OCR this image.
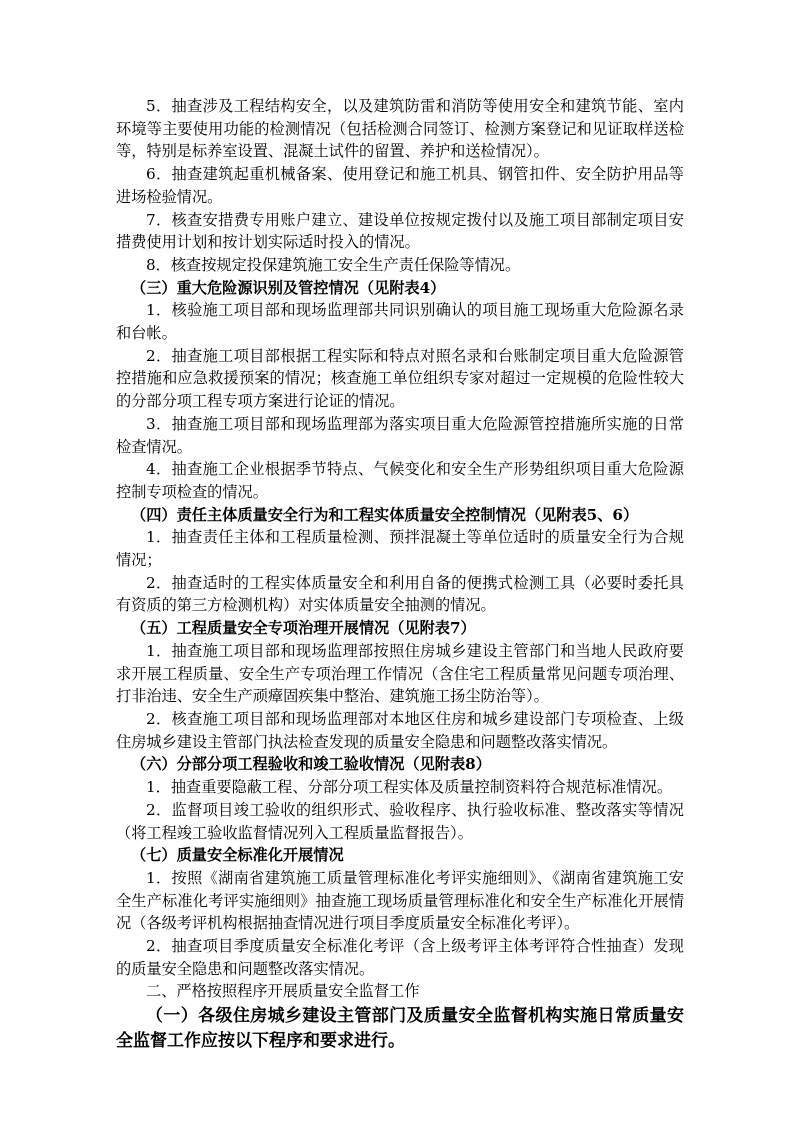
5．抽查涉及工程结构安全，以及建筑防雷和消防等使用安全和建筑节能、室内环境等主要使用功能的检测情况（包括检测合同签订、检测方案登记和见证取样送检等，特别是标养室设置、混凝土试件的留置、养护和送检情况）。

6．抽查建筑起重机械备案、使用登记和施工机具、钢管扣件、安全防护用品等进场检验情况。

7．核查安措费专用账户建立、建设单位按规定拨付以及施工项目部制定项目安措费使用计划和按计划实际适时投入的情况。

8．核查按规定投保建筑施工安全生产责任保险等情况。

（三）重大危险源识别及管控情况（见附表4）

1．核验施工项目部和现场监理部共同识别确认的项目施工现场重大危险源名录和台帐。

2．抽查施工项目部根据工程实际和特点对照名录和台账制定项目重大危险源管控措施和应急救援预案的情况；核查施工单位组织专家对超过一定规模的危险性较大的分部分项工程专项方案进行论证的情况。

3．抽查施工项目部和现场监理部为落实项目重大危险源管控措施所实施的日常检查情况。

4．抽查施工企业根据季节特点、气候变化和安全生产形势组织项目重大危险源控制专项检查的情况。

（四）责任主体质量安全行为和工程实体质量安全控制情况（见附表5、6）

1．抽查责任主体和工程质量检测、预拌混凝土等单位适时的质量安全行为合规情况；

2．抽查适时的工程实体质量安全和利用自备的便携式检测工具（必要时委托具有资质的第三方检测机构）对实体质量安全抽测的情况。

（五）工程质量安全专项治理开展情况（见附表7）

1．抽查施工项目部和现场监理部按照住房城乡建设主管部门和当地人民政府要求开展工程质量、安全生产专项治理工作情况（含住宅工程质量常见问题专项治理、打非治违、安全生产顽瘴固疾集中整治、建筑施工扬尘防治等）。

2．核查施工项目部和现场监理部对本地区住房和城乡建设部门专项检查、上级住房城乡建设主管部门执法检查发现的质量安全隐患和问题整改落实情况。

（六）分部分项工程验收和竣工验收情况（见附表8）

1．抽查重要隐蔽工程、分部分项工程实体及质量控制资料符合规范标准情况。

2．监督项目竣工验收的组织形式、验收程序、执行验收标准、整改落实等情况（将工程竣工验收监督情况列入工程质量监督报告）。

（七）质量安全标准化开展情况

1．按照《湖南省建筑施工质量管理标准化考评实施细则》、《湖南省建筑施工安全生产标准化考评实施细则》抽查施工现场质量管理标准化和安全生产标准化开展情况（各级考评机构根据抽查情况进行项目季度质量安全标准化考评）。

2．抽查项目季度质量安全标准化考评（含上级考评主体考评符合性抽查）发现的质量安全隐患和问题整改落实情况。

二、严格按照程序开展质量安全监督工作

（一）各级住房城乡建设主管部门及质量安全监督机构实施日常质量安全监督工作应按以下程序和要求进行。
